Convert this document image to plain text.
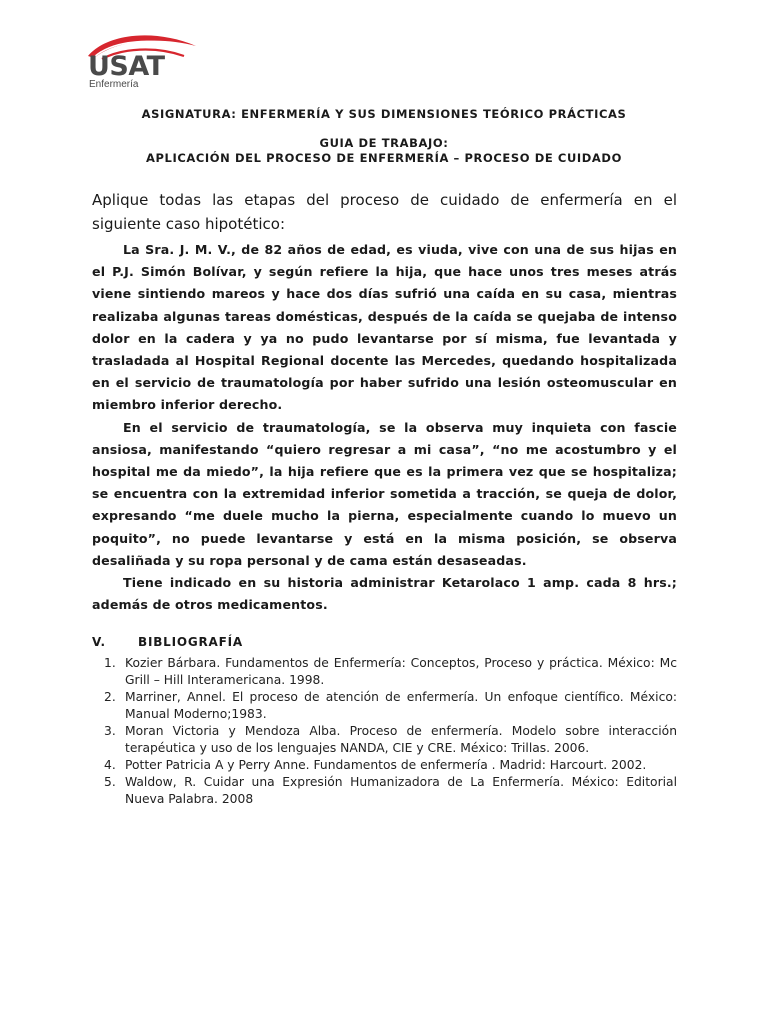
USAT
Enfermería
ASIGNATURA: ENFERMERÍA Y SUS DIMENSIONES TEÓRICO PRÁCTICAS
GUIA DE TRABAJO:
APLICACIÓN DEL PROCESO DE ENFERMERÍA – PROCESO DE CUIDADO

Aplique todas las etapas del proceso de cuidado de enfermería en el siguiente caso hipotético:

La Sra. J. M. V., de 82 años de edad, es viuda, vive con una de sus hijas en el P.J. Simón Bolívar, y según refiere la hija, que hace unos tres meses atrás viene sintiendo mareos y hace dos días sufrió una caída en su casa, mientras realizaba algunas tareas domésticas, después de la caída se quejaba de intenso dolor en la cadera y ya no pudo levantarse por sí misma, fue levantada y trasladada al Hospital Regional docente las Mercedes, quedando hospitalizada en el servicio de traumatología por haber sufrido una lesión osteomuscular en miembro inferior derecho.

En el servicio de traumatología, se la observa muy inquieta con fascie ansiosa, manifestando “quiero regresar a mi casa”, “no me acostumbro y el hospital me da miedo”, la hija refiere que es la primera vez que se hospitaliza; se encuentra con la extremidad inferior sometida a tracción, se queja de dolor, expresando “me duele mucho la pierna, especialmente cuando lo muevo un poquito”, no puede levantarse y está en la misma posición, se observa desaliñada y su ropa personal y de cama están desaseadas.

Tiene indicado en su historia administrar Ketarolaco 1 amp. cada 8 hrs.; además de otros medicamentos.

V.	BIBLIOGRAFÍA
1. Kozier Bárbara. Fundamentos de Enfermería: Conceptos, Proceso y práctica. México: Mc Grill – Hill Interamericana. 1998.
2. Marriner, Annel. El proceso de atención de enfermería. Un enfoque científico. México: Manual Moderno;1983.
3. Moran Victoria y Mendoza Alba. Proceso de enfermería. Modelo sobre interacción terapéutica y uso de los lenguajes NANDA, CIE y CRE. México: Trillas. 2006.
4. Potter Patricia A y Perry Anne. Fundamentos de enfermería . Madrid: Harcourt. 2002.
5. Waldow, R. Cuidar una Expresión Humanizadora de La Enfermería. México: Editorial Nueva Palabra. 2008
